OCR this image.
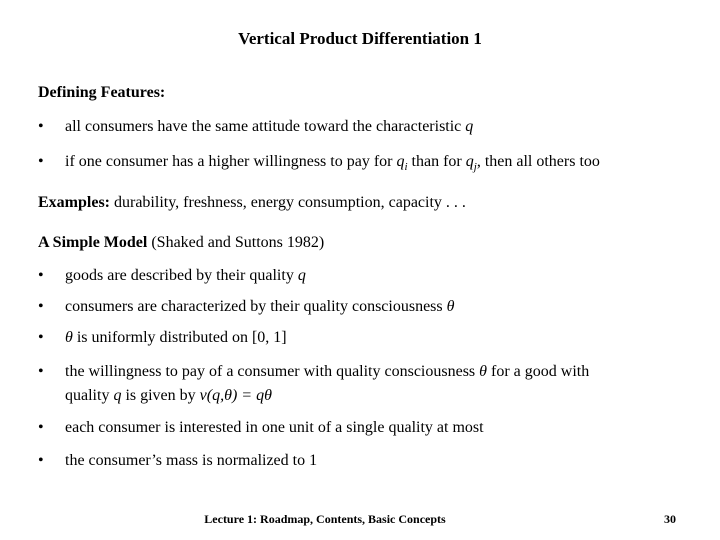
Vertical Product Differentiation 1
Defining Features:
• all consumers have the same attitude toward the characteristic q
• if one consumer has a higher willingness to pay for $q_i$ than for $q_j$, then all others too
Examples: durability, freshness, energy consumption, capacity . . .
A Simple Model (Shaked and Suttons 1982)
• goods are described by their quality q
• consumers are characterized by their quality consciousness θ
• θ is uniformly distributed on [0, 1]
• the willingness to pay of a consumer with quality consciousness θ for a good with
quality q is given by v(q,θ) = qθ
• each consumer is interested in one unit of a single quality at most
• the consumer’s mass is normalized to 1
Lecture 1: Roadmap, Contents, Basic Concepts	30
